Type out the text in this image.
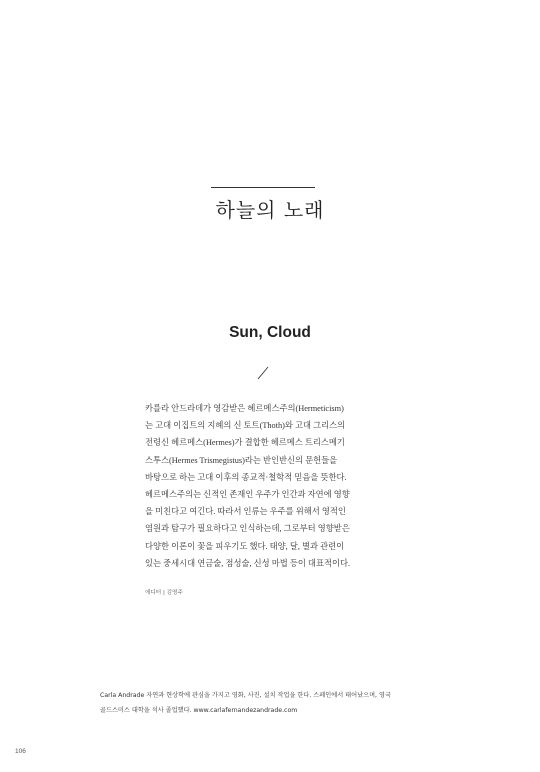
하늘의 노래
Sun, Cloud
카를라 안드라데가 영감받은 헤르메스주의(Hermeticism)
는 고대 이집트의 지혜의 신 토트(Thoth)와 고대 그리스의
전령신 헤르메스(Hermes)가 결합한 헤르메스 트리스메기
스투스(Hermes Trismegistus)라는 반인반신의 문헌들을
바탕으로 하는 고대 이후의 종교적·철학적 믿음을 뜻한다.
헤르메스주의는 신적인 존재인 우주가 인간과 자연에 영향
을 미친다고 여긴다. 따라서 인류는 우주를 위해서 영적인
염원과 탐구가 필요하다고 인식하는데, 그로부터 영향받은
다양한 이론이 꽃을 피우기도 했다. 태양, 달, 별과 관련이
있는 중세시대 연금술, 점성술, 신성 마법 등이 대표적이다.

에디터 | 김영주

Carla Andrade 자연과 현상학에 관심을 가지고 영화, 사진, 설치 작업을 한다. 스페인에서 태어났으며, 영국
골드스미스 대학을 석사 졸업했다. www.carlafernandezandrade.com
106
